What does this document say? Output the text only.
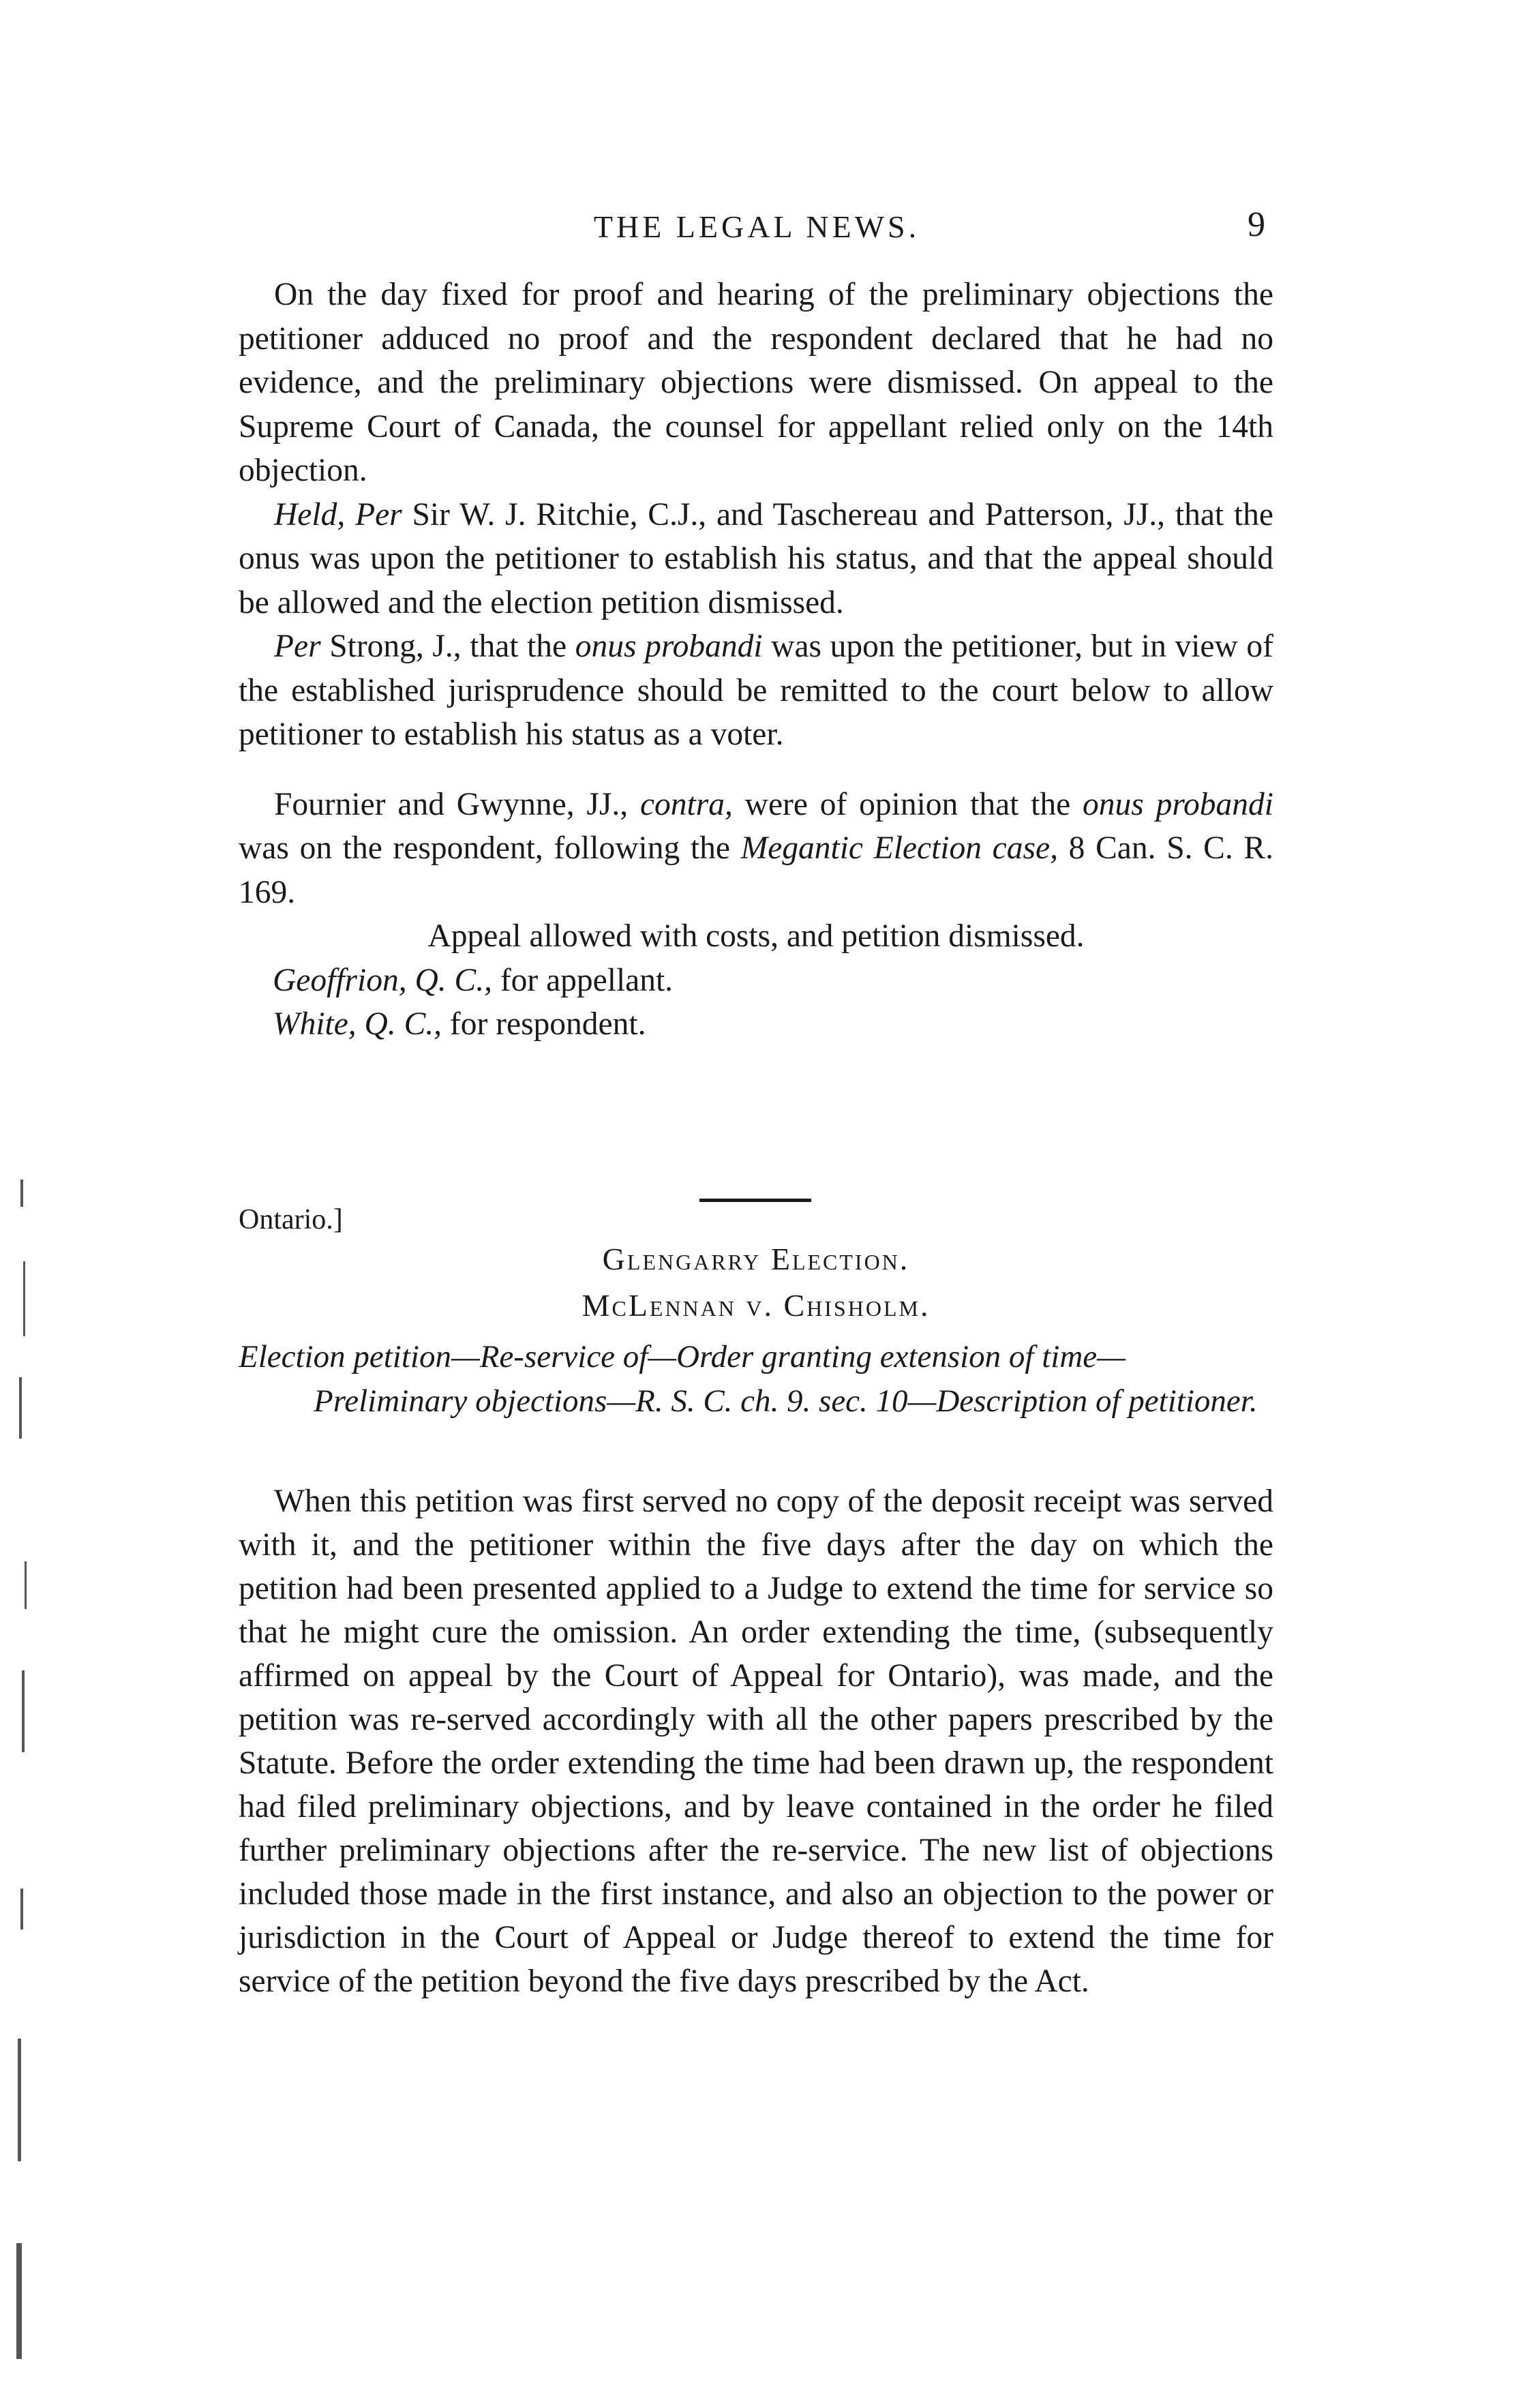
THE LEGAL NEWS.	9

On the day fixed for proof and hearing of the preliminary objections the petitioner adduced no proof and the respondent declared that he had no evidence, and the preliminary objections were dismissed. On appeal to the Supreme Court of Canada, the counsel for appellant relied only on the 14th objection.

Held, Per Sir W. J. Ritchie, C.J., and Taschereau and Patterson, JJ., that the onus was upon the petitioner to establish his status, and that the appeal should be allowed and the election petition dismissed.

Per Strong, J., that the onus probandi was upon the petitioner, but in view of the established jurisprudence should be remitted to the court below to allow petitioner to establish his status as a voter.

Fournier and Gwynne, JJ., contra, were of opinion that the onus probandi was on the respondent, following the Megantic Election case, 8 Can. S. C. R. 169.

Appeal allowed with costs, and petition dismissed.

Geoffrion, Q. C., for appellant.

White, Q. C., for respondent.

Ontario.]
Glengarry Election.
McLennan v. Chisholm.
Election petition—Re-service of—Order granting extension of time—Preliminary objections—R. S. C. ch. 9. sec. 10—Description of petitioner.

When this petition was first served no copy of the deposit receipt was served with it, and the petitioner within the five days after the day on which the petition had been presented applied to a Judge to extend the time for service so that he might cure the omission. An order extending the time, (subsequently affirmed on appeal by the Court of Appeal for Ontario), was made, and the petition was re-served accordingly with all the other papers prescribed by the Statute. Before the order extending the time had been drawn up, the respondent had filed preliminary objections, and by leave contained in the order he filed further preliminary objections after the re-service. The new list of objections included those made in the first instance, and also an objection to the power or jurisdiction in the Court of Appeal or Judge thereof to extend the time for service of the petition beyond the five days prescribed by the Act.
